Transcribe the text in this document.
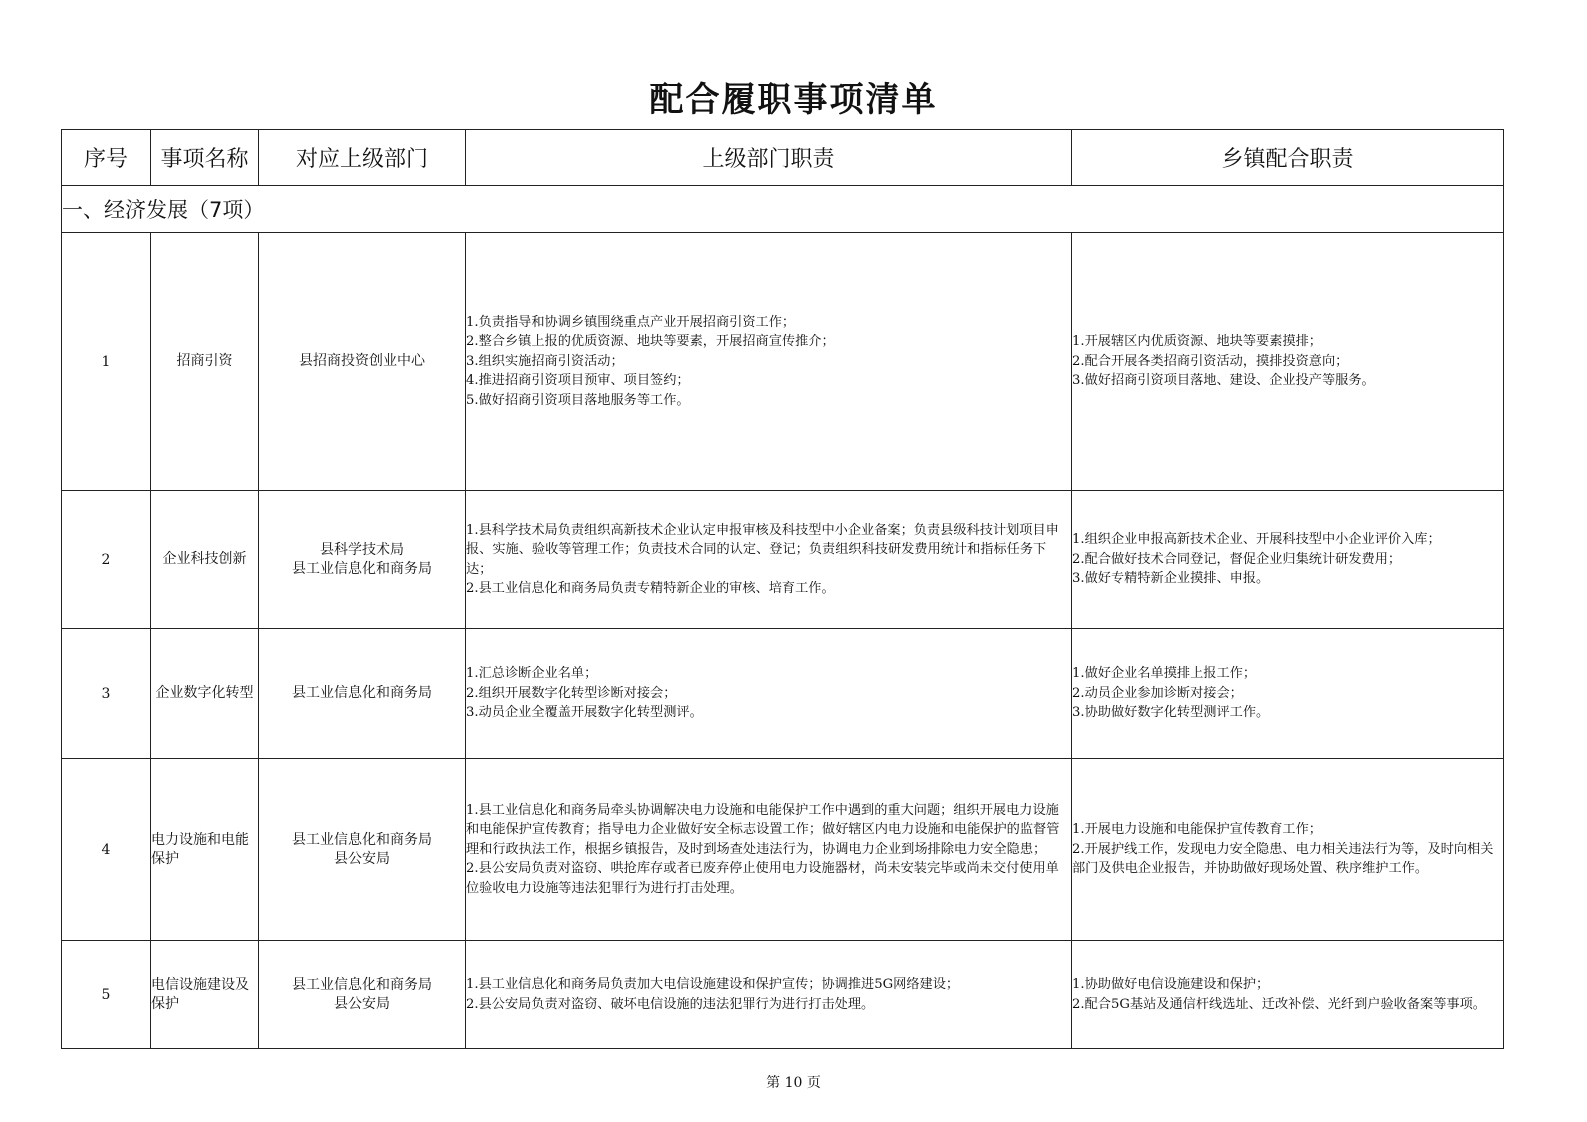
配合履职事项清单
序号	事项名称	对应上级部门	上级部门职责	乡镇配合职责
一、经济发展（7项）				
1	招商引资	县招商投资创业中心	1.负责指导和协调乡镇围绕重点产业开展招商引资工作；
2.整合乡镇上报的优质资源、地块等要素，开展招商宣传推介；
3.组织实施招商引资活动；
4.推进招商引资项目预审、项目签约；
5.做好招商引资项目落地服务等工作。	1.开展辖区内优质资源、地块等要素摸排；
2.配合开展各类招商引资活动，摸排投资意向；
3.做好招商引资项目落地、建设、企业投产等服务。

2	企业科技创新	县科学技术局
县工业信息化和商务局	1.县科学技术局负责组织高新技术企业认定申报审核及科技型中小企业备案；负责县级科技计划项目申报、实施、验收等管理工作；负责技术合同的认定、登记；负责组织科技研发费用统计和指标任务下达；
2.县工业信息化和商务局负责专精特新企业的审核、培育工作。	1.组织企业申报高新技术企业、开展科技型中小企业评价入库；
2.配合做好技术合同登记，督促企业归集统计研发费用；
3.做好专精特新企业摸排、申报。

3	企业数字化转型	县工业信息化和商务局	1.汇总诊断企业名单；
2.组织开展数字化转型诊断对接会；
3.动员企业全覆盖开展数字化转型测评。	1.做好企业名单摸排上报工作；
2.动员企业参加诊断对接会；
3.协助做好数字化转型测评工作。

4	电力设施和电能保护	县工业信息化和商务局
县公安局	1.县工业信息化和商务局牵头协调解决电力设施和电能保护工作中遇到的重大问题；组织开展电力设施和电能保护宣传教育；指导电力企业做好安全标志设置工作；做好辖区内电力设施和电能保护的监督管理和行政执法工作，根据乡镇报告，及时到场查处违法行为，协调电力企业到场排除电力安全隐患；
2.县公安局负责对盗窃、哄抢库存或者已废弃停止使用电力设施器材，尚未安装完毕或尚未交付使用单位验收电力设施等违法犯罪行为进行打击处理。	1.开展电力设施和电能保护宣传教育工作；
2.开展护线工作，发现电力安全隐患、电力相关违法行为等，及时向相关部门及供电企业报告，并协助做好现场处置、秩序维护工作。

5	电信设施建设及保护	县工业信息化和商务局
县公安局	1.县工业信息化和商务局负责加大电信设施建设和保护宣传；协调推进5G网络建设；
2.县公安局负责对盗窃、破坏电信设施的违法犯罪行为进行打击处理。	1.协助做好电信设施建设和保护；
2.配合5G基站及通信杆线选址、迁改补偿、光纤到户验收备案等事项。
第 10 页
